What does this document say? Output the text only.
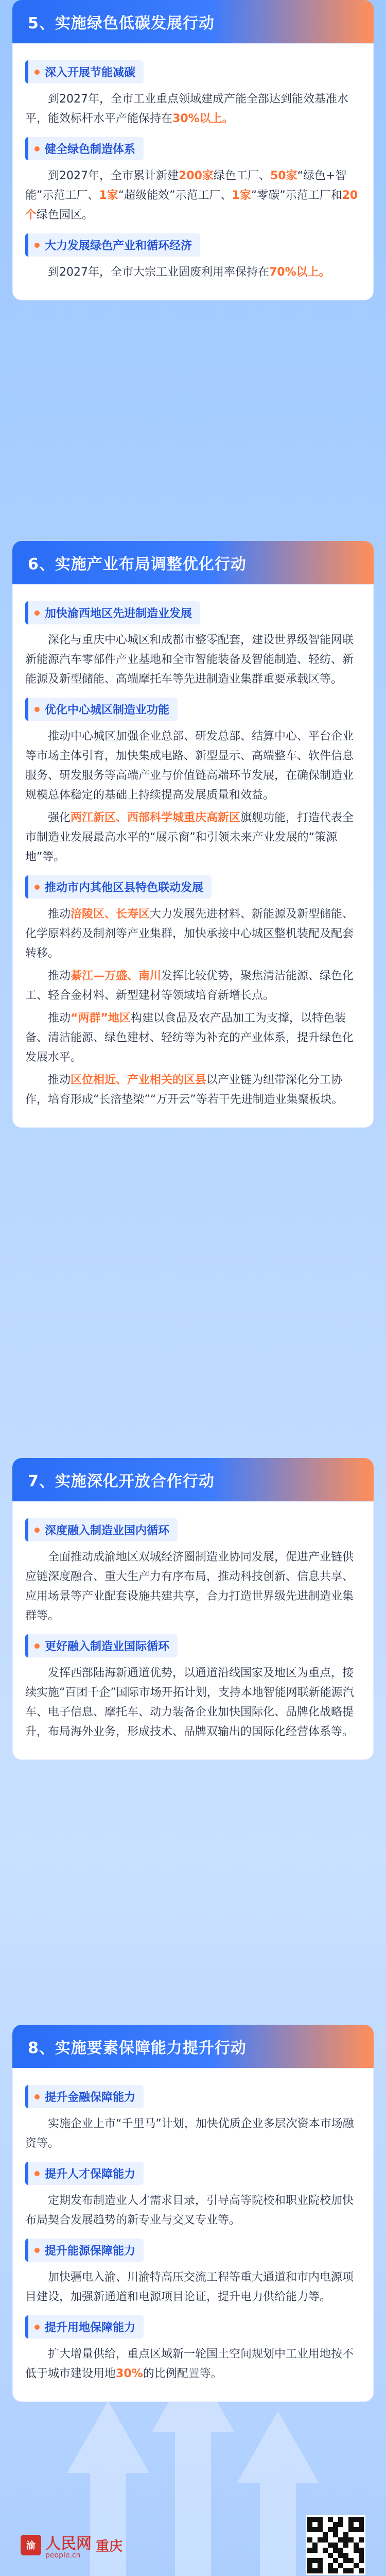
5、实施绿色低碳发展行动
深入开展节能减碳

到2027年，全市工业重点领域建成产能全部达到能效基准水平，能效标杆水平产能保持在30%以上。

健全绿色制造体系

到2027年，全市累计新建200家绿色工厂、50家“绿色+智能”示范工厂、1家“超级能效”示范工厂、1家“零碳”示范工厂和20个绿色园区。

大力发展绿色产业和循环经济

到2027年，全市大宗工业固废利用率保持在70%以上。

6、实施产业布局调整优化行动
加快渝西地区先进制造业发展

深化与重庆中心城区和成都市整零配套，建设世界级智能网联新能源汽车零部件产业基地和全市智能装备及智能制造、轻纺、新能源及新型储能、高端摩托车等先进制造业集群重要承载区等。

优化中心城区制造业功能

推动中心城区加强企业总部、研发总部、结算中心、平台企业等市场主体引育，加快集成电路、新型显示、高端整车、软件信息服务、研发服务等高端产业与价值链高端环节发展，在确保制造业规模总体稳定的基础上持续提高发展质量和效益。

强化两江新区、西部科学城重庆高新区旗舰功能，打造代表全市制造业发展最高水平的“展示窗”和引领未来产业发展的“策源地”等。

推动市内其他区县特色联动发展

推动涪陵区、长寿区大力发展先进材料、新能源及新型储能、化学原料药及制剂等产业集群，加快承接中心城区整机装配及配套转移。

推动綦江—万盛、南川发挥比较优势，聚焦清洁能源、绿色化工、轻合金材料、新型建材等领域培育新增长点。

推动“两群”地区构建以食品及农产品加工为支撑，以特色装备、清洁能源、绿色建材、轻纺等为补充的产业体系，提升绿色化发展水平。

推动区位相近、产业相关的区县以产业链为纽带深化分工协作，培育形成“长涪垫梁”“万开云”等若干先进制造业集聚板块。

7、实施深化开放合作行动
深度融入制造业国内循环

全面推动成渝地区双城经济圈制造业协同发展，促进产业链供应链深度融合、重大生产力有序布局，推动科技创新、信息共享、应用场景等产业配套设施共建共享，合力打造世界级先进制造业集群等。

更好融入制造业国际循环

发挥西部陆海新通道优势，以通道沿线国家及地区为重点，接续实施“百团千企”国际市场开拓计划，支持本地智能网联新能源汽车、电子信息、摩托车、动力装备企业加快国际化、品牌化战略提升，布局海外业务，形成技术、品牌双输出的国际化经营体系等。

8、实施要素保障能力提升行动
提升金融保障能力

实施企业上市“千里马”计划，加快优质企业多层次资本市场融资等。

提升人才保障能力

定期发布制造业人才需求目录，引导高等院校和职业院校加快布局契合发展趋势的新专业与交叉专业等。

提升能源保障能力

加快疆电入渝、川渝特高压交流工程等重大通道和市内电源项目建设，加强新通道和电源项目论证，提升电力供给能力等。

提升用地保障能力

扩大增量供给，重点区域新一轮国土空间规划中工业用地按不低于城市建设用地30%的比例配置等。

渝 人民网
people.cn
重庆
